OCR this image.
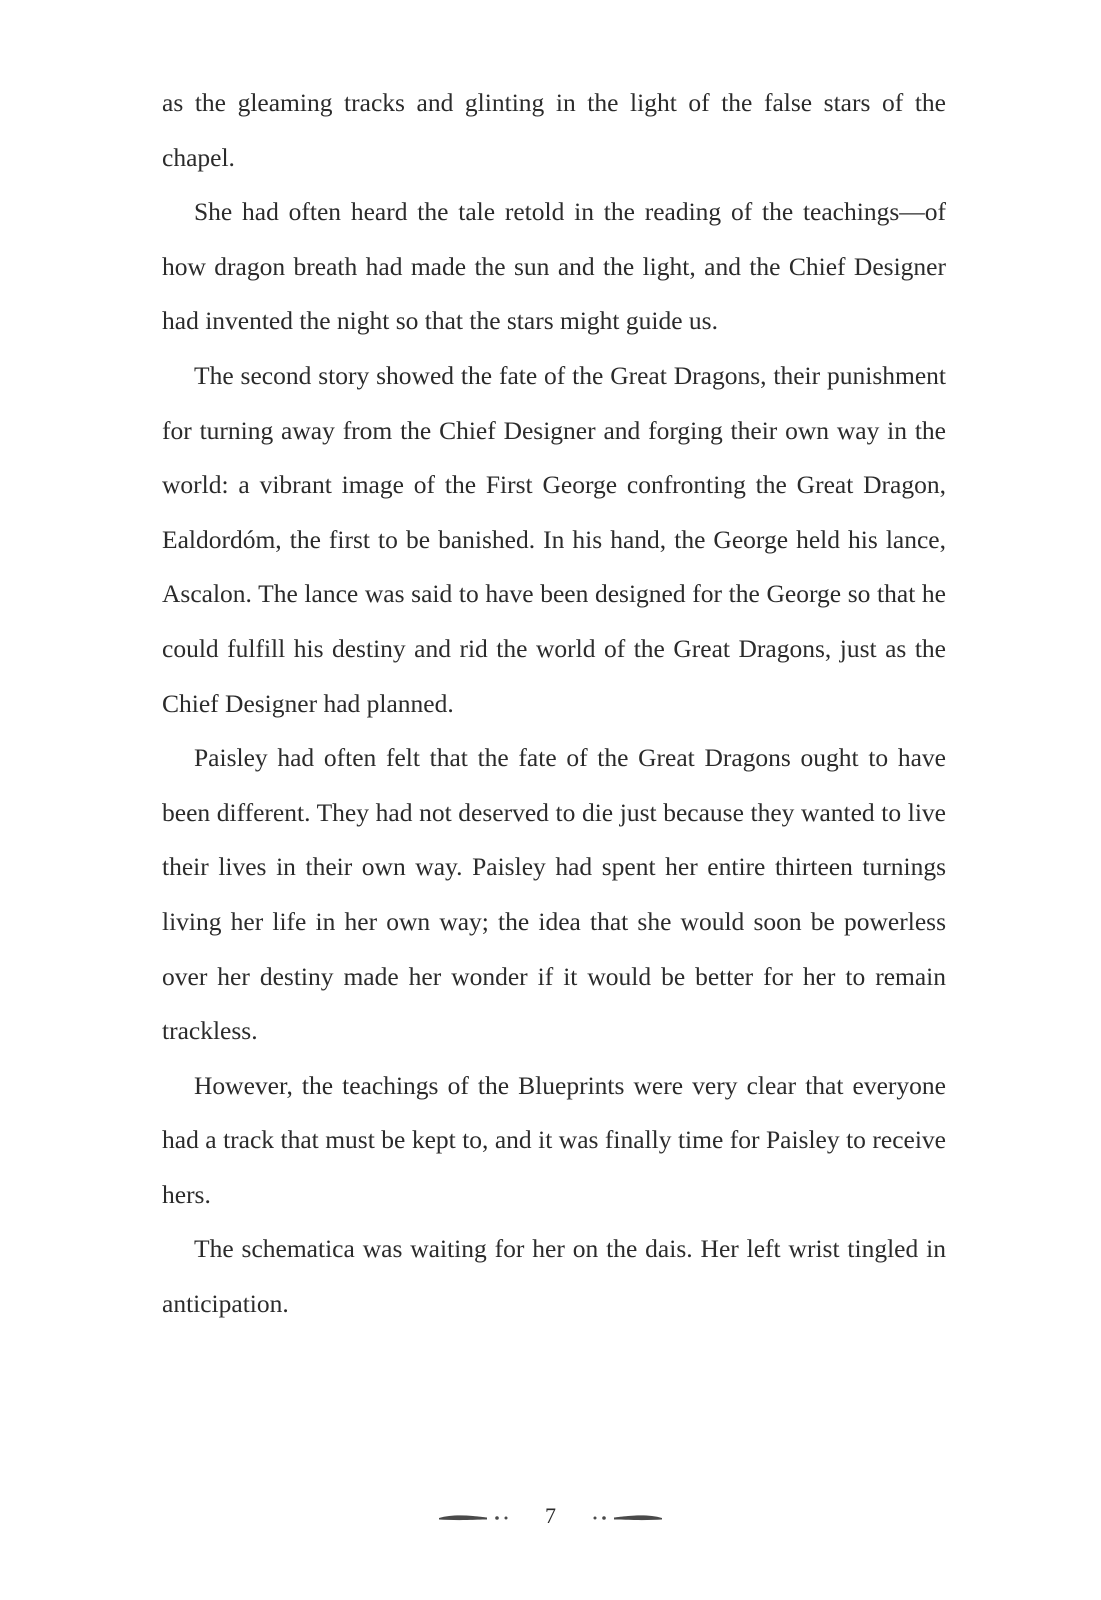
as the gleaming tracks and glinting in the light of the false stars of the chapel.

She had often heard the tale retold in the reading of the teachings—of how dragon breath had made the sun and the light, and the Chief Designer had invented the night so that the stars might guide us.

The second story showed the fate of the Great Dragons, their punishment for turning away from the Chief Designer and forging their own way in the world: a vibrant image of the First George confronting the Great Dragon, Ealdordóm, the first to be banished. In his hand, the George held his lance, Ascalon. The lance was said to have been designed for the George so that he could fulfill his destiny and rid the world of the Great Dragons, just as the Chief Designer had planned.

Paisley had often felt that the fate of the Great Dragons ought to have been different. They had not deserved to die just because they wanted to live their lives in their own way. Paisley had spent her entire thirteen turnings living her life in her own way; the idea that she would soon be powerless over her destiny made her wonder if it would be better for her to remain trackless.

However, the teachings of the Blueprints were very clear that everyone had a track that must be kept to, and it was finally time for Paisley to receive hers.

The schematica was waiting for her on the dais. Her left wrist tingled in anticipation.

7
